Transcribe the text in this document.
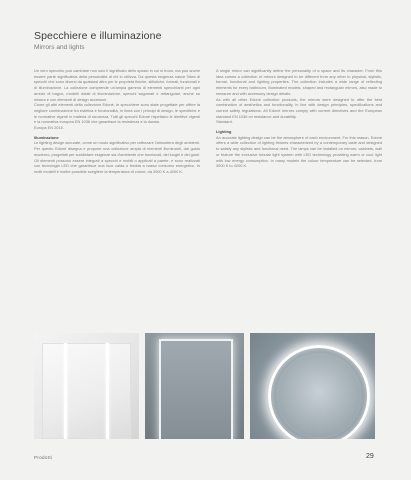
Specchiere e illuminazione
Mirrors and lights

Un vero specchio può cambiare non solo il significato dello spazio in cui si trova, ma può anche essere parte significativa della personalità di chi lo utilizza. Da questa esigenza nasce l'idea di specchi che sono diversi da qualsiasi altro per le proprietà fisiche, stilistiche, formali, funzionali e di illuminazione. La collezione comprende un'ampia gamma di elementi specchianti per ogni arredo di bagno, modelli dotati di illuminazione, specchi sagomati e rettangolari, anche su misura e con elementi di design accessori.

Come gli altri elementi della collezione Edoné, le specchiere sono state progettate per offrire la migliore combinazione tra estetica e funzionalità, in linea con i principi di design, le specifiche e le normative vigenti in materia di sicurezza. Tutti gli specchi Edoné rispettano le direttive vigenti e la normativa europea EN 1036 che garantisce la resistenza e la durata.

Europa EN 2015.

Illuminazione

Le lighting design accurate, come un modo significativo per rafforzare l'atmosfera degli ambienti. Per questo Edoné disegna e propone una collezione ampia di elementi illuminanti, dal gusto moderno, progettati per soddisfare esigenze sia d'ambiente che funzionali, dei luoghi e dei gusti. Gli elementi possono essere integrati a specchi e mobili o applicati a parete, e sono realizzati con tecnologia LED che garantisce una luce calda o fredda a basso consumo energetico. In molti modelli è inoltre possibile scegliere la temperatura di colore, da 3000 K a 4200 K.

A single mirror can significantly define the personality of a space and its character. From this idea comes a collection of mirrors designed to be different from any other in physical, stylistic, formal, functional and lighting properties. The collection includes a wide range of reflecting elements for every bathroom, illuminated models, shaped and rectangular mirrors, also made to measure and with accessory design details.

As with all other Edoné collection products, the mirrors were designed to offer the best combination of aesthetics and functionality, in line with design principles, specifications and current safety regulations. All Edoné mirrors comply with current directives and the European standard EN 1036 on resistance and durability.

Standard.

Lighting

An accurate lighting design can be the atmosphere of each environment. For this reason, Edoné offers a wide collection of lighting fixtures characterized by a contemporary taste and designed to satisfy any stylistic and functional need. The lamps can be installed on mirrors, cabinets, wall or feature the exclusive tubular light system with LED technology providing warm or cool light with low energy consumption. In many models the colour temperature can be selected, from 3000 K to 4200 K.

Prodotti	29
